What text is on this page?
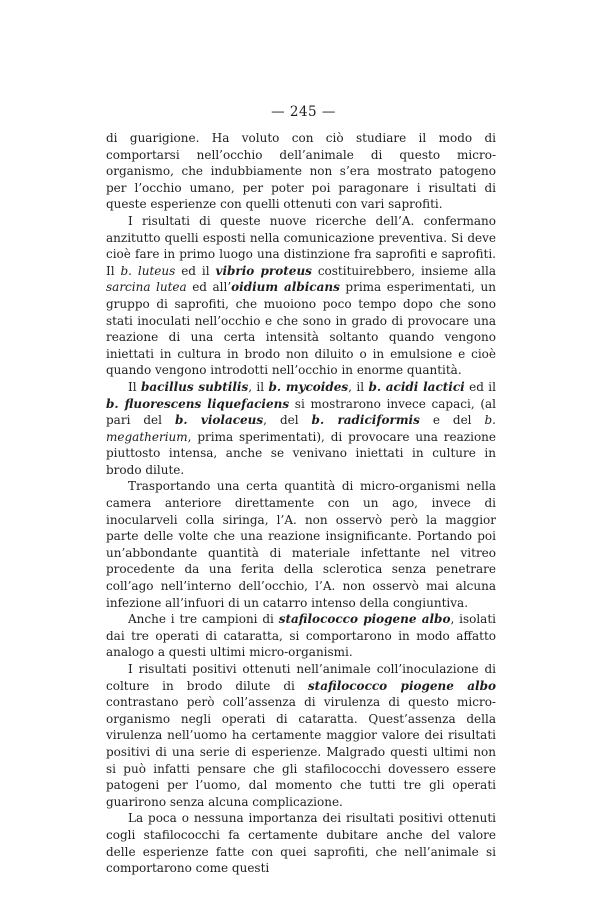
— 245 —

di guarigione. Ha voluto con ciò studiare il modo di comportarsi nell’occhio dell’animale di questo micro-organismo, che indubbiamente non s’era mostrato patogeno per l’occhio umano, per poter poi paragonare i risultati di queste esperienze con quelli ottenuti con vari saprofiti.

I risultati di queste nuove ricerche dell’A. confermano anzitutto quelli esposti nella comunicazione preventiva. Si deve cioè fare in primo luogo una distinzione fra saprofiti e saprofiti. Il b. luteus ed il vibrio proteus costituirebbero, insieme alla sarcina lutea ed all’oidium albicans prima esperimentati, un gruppo di saprofiti, che muoiono poco tempo dopo che sono stati inoculati nell’occhio e che sono in grado di provocare una reazione di una certa intensità soltanto quando vengono iniettati in cultura in brodo non diluito o in emulsione e cioè quando vengono introdotti nell’occhio in enorme quantità.

Il bacillus subtilis, il b. mycoides, il b. acidi lactici ed il b. fluorescens liquefaciens si mostrarono invece capaci, (al pari del b. violaceus, del b. radiciformis e del b. megatherium, prima sperimentati), di provocare una reazione piuttosto intensa, anche se venivano iniettati in culture in brodo dilute.

Trasportando una certa quantità di micro-organismi nella camera anteriore direttamente con un ago, invece di inocularveli colla siringa, l’A. non osservò però la maggior parte delle volte che una reazione insignificante. Portando poi un’abbondante quantità di materiale infettante nel vitreo procedente da una ferita della sclerotica senza penetrare coll’ago nell’interno dell’occhio, l’A. non osservò mai alcuna infezione all’infuori di un catarro intenso della congiuntiva.

Anche i tre campioni di stafilococco piogene albo, isolati dai tre operati di cataratta, si comportarono in modo affatto analogo a questi ultimi micro-organismi.

I risultati positivi ottenuti nell’animale coll’inoculazione di colture in brodo dilute di stafilococco piogene albo contrastano però coll’assenza di virulenza di questo micro-organismo negli operati di cataratta. Quest’assenza della virulenza nell’uomo ha certamente maggior valore dei risultati positivi di una serie di esperienze. Malgrado questi ultimi non si può infatti pensare che gli stafilococchi dovessero essere patogeni per l’uomo, dal momento che tutti tre gli operati guarirono senza alcuna complicazione.

La poca o nessuna importanza dei risultati positivi ottenuti cogli stafilococchi fa certamente dubitare anche del valore delle esperienze fatte con quei saprofiti, che nell’animale si comportarono come questi
